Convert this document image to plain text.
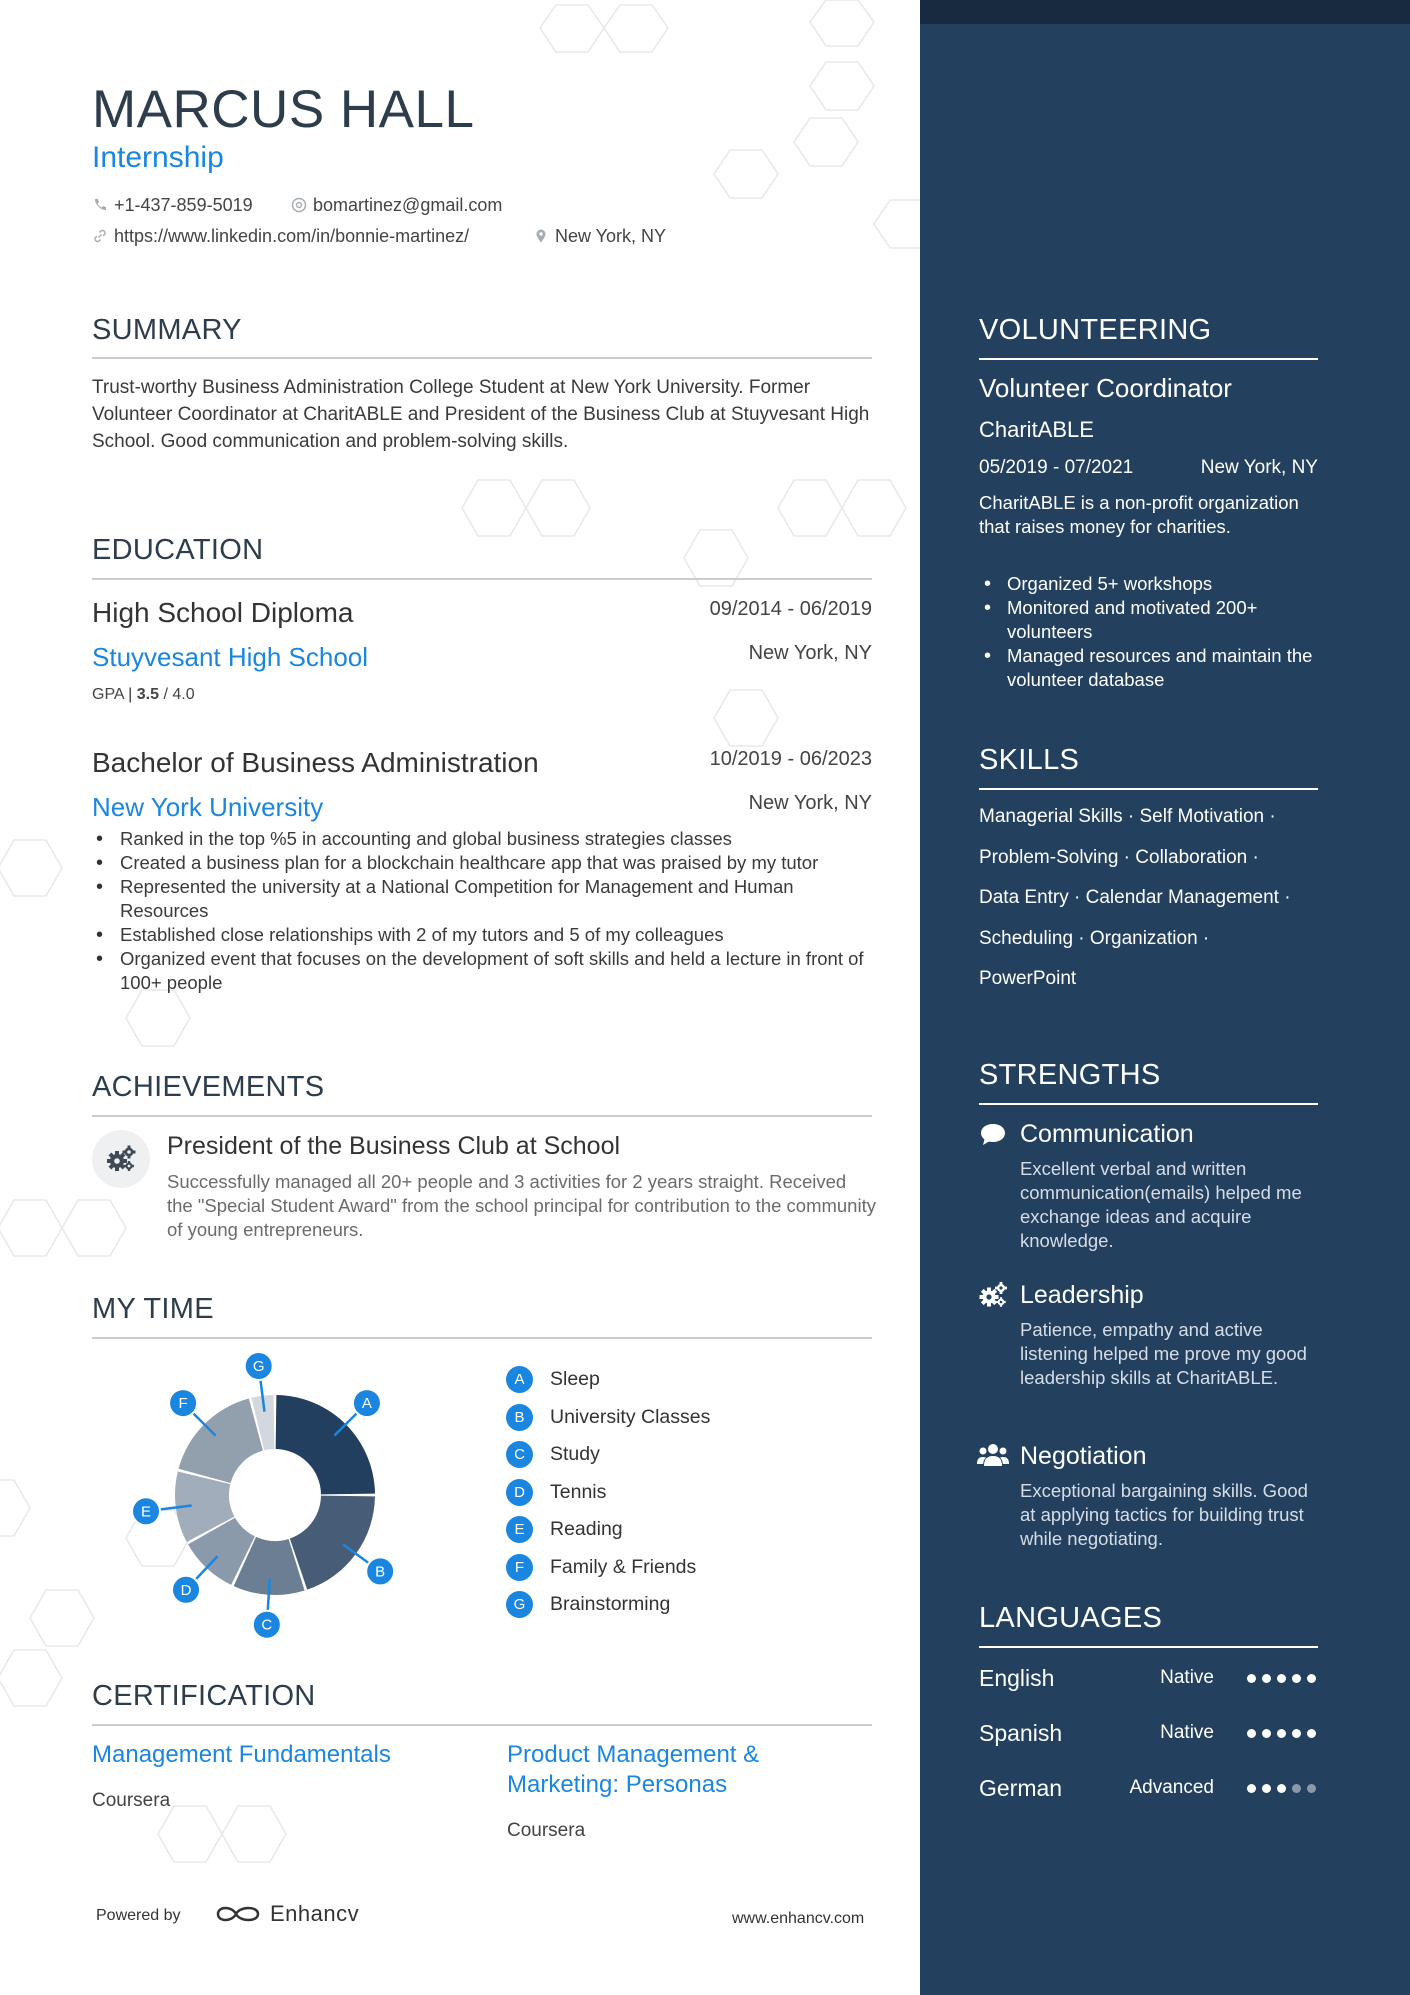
MARCUS HALL
Internship
+1-437-859-5019	bomartinez@gmail.com
https://www.linkedin.com/in/bonnie-martinez/	New York, NY
SUMMARY
Trust-worthy Business Administration College Student at New York University. Former Volunteer Coordinator at CharitABLE and President of the Business Club at Stuyvesant High School. Good communication and problem-solving skills.
EDUCATION
High School Diploma	09/2014 - 06/2019
Stuyvesant High School	New York, NY
GPA | 3.5 / 4.0
Bachelor of Business Administration	10/2019 - 06/2023
New York University	New York, NY
• Ranked in the top %5 in accounting and global business strategies classes
• Created a business plan for a blockchain healthcare app that was praised by my tutor
• Represented the university at a National Competition for Management and Human Resources
• Established close relationships with 2 of my tutors and 5 of my colleagues
• Organized event that focuses on the development of soft skills and held a lecture in front of 100+ people
ACHIEVEMENTS
President of the Business Club at School
Successfully managed all 20+ people and 3 activities for 2 years straight. Received the "Special Student Award" from the school principal for contribution to the community of young entrepreneurs.
MY TIME
A
B
C
D
E
F
G
A	Sleep
B	University Classes
C	Study
D	Tennis
E	Reading
F	Family & Friends
G	Brainstorming
CERTIFICATION
Management Fundamentals
Coursera
Product Management & Marketing: Personas
Coursera
Powered by	Enhancv	www.enhancv.com
VOLUNTEERING
Volunteer Coordinator
CharitABLE
05/2019 - 07/2021	New York, NY
CharitABLE is a non-profit organization that raises money for charities.
• Organized 5+ workshops
• Monitored and motivated 200+ volunteers
• Managed resources and maintain the volunteer database
SKILLS
Managerial Skills · Self Motivation ·
Problem-Solving · Collaboration ·
Data Entry · Calendar Management ·
Scheduling · Organization ·
PowerPoint
STRENGTHS
Communication
Excellent verbal and written communication(emails) helped me exchange ideas and acquire knowledge.
Leadership
Patience, empathy and active listening helped me prove my good leadership skills at CharitABLE.
Negotiation
Exceptional bargaining skills. Good at applying tactics for building trust while negotiating.
LANGUAGES
English	Native
Spanish	Native
German	Advanced
